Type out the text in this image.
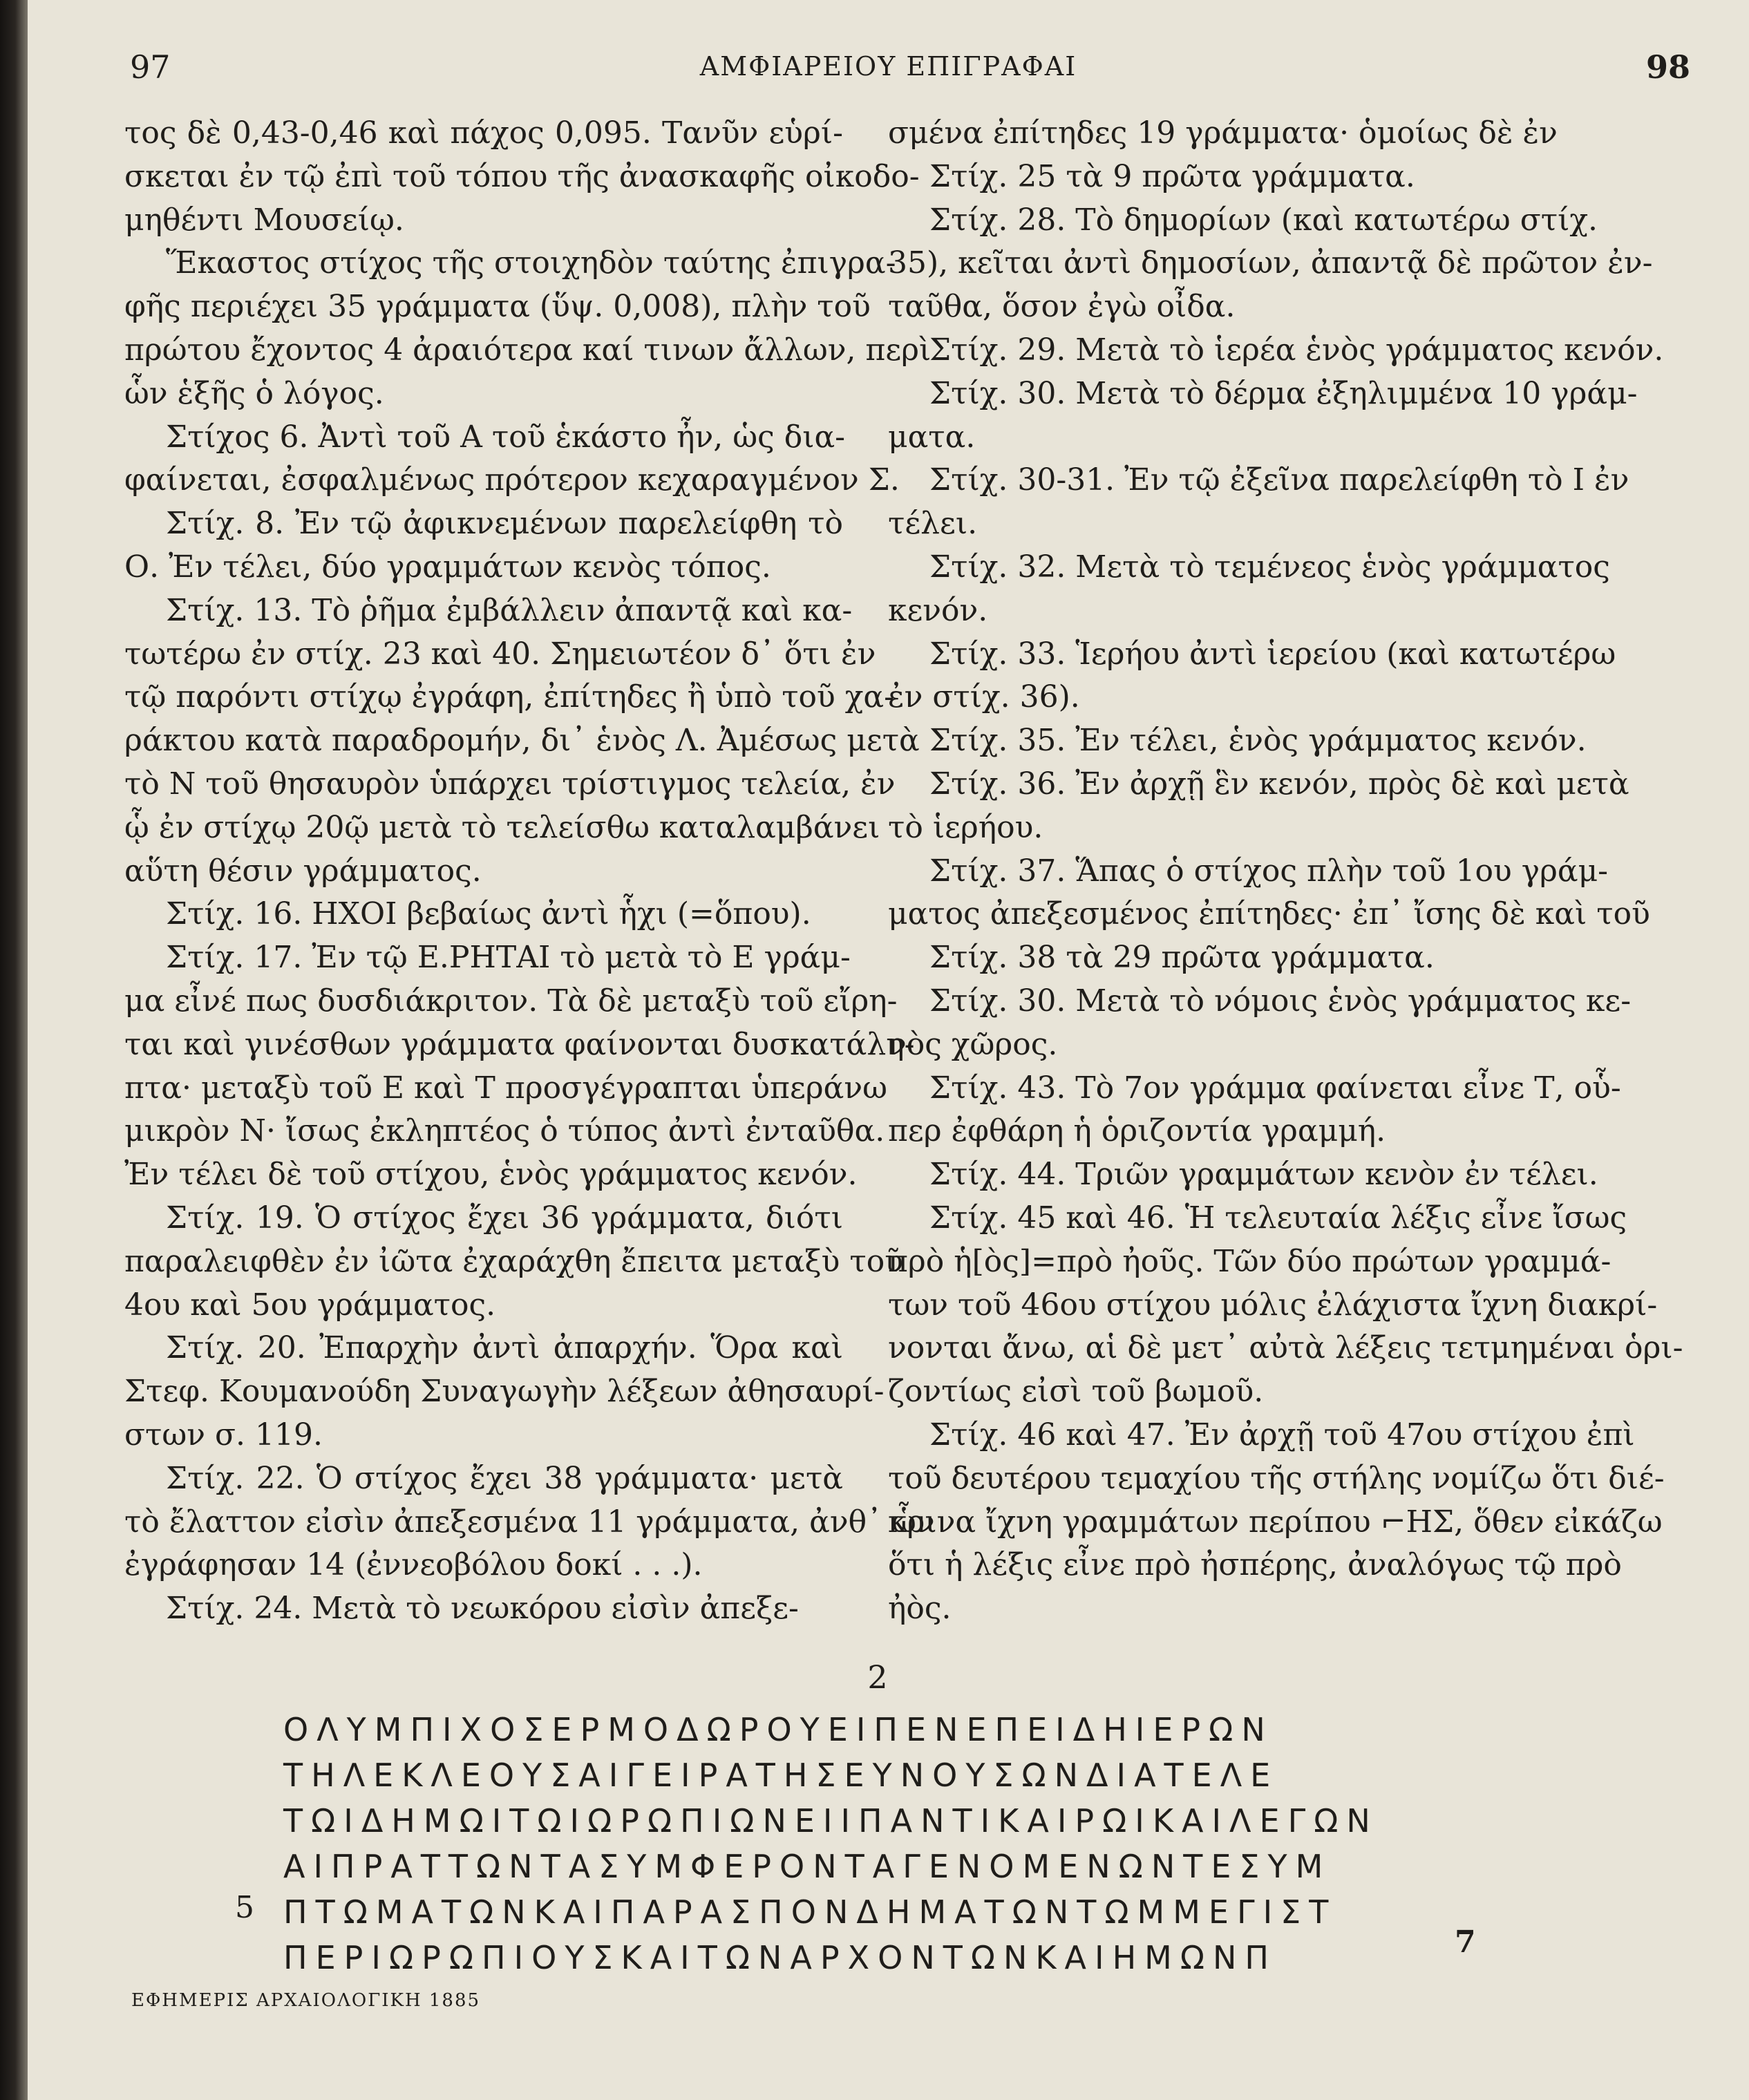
97	ΑΜΦΙΑΡΕΙΟΥ ΕΠΙΓΡΑΦΑΙ	98
τος δὲ 0,43-0,46 καὶ πάχος 0,095. Τανῦν εὑρί-
σκεται ἐν τῷ ἐπὶ τοῦ τόπου τῆς ἀνασκαφῆς οἰκοδο-
μηθέντι Μουσείῳ.
Ἕκαστος στίχος τῆς στοιχηδὸν ταύτης ἐπιγρα-
φῆς περιέχει 35 γράμματα (ὕψ. 0,008), πλὴν τοῦ
πρώτου ἔχοντος 4 ἀραιότερα καί τινων ἄλλων, περὶ
ὧν ἑξῆς ὁ λόγος.
Στίχος 6. Ἀντὶ τοῦ Α τοῦ ἑκάστο ἦν, ὡς δια-
φαίνεται, ἐσφαλμένως πρότερον κεχαραγμένον Σ.
Στίχ. 8. Ἐν τῷ ἀφικνεμένων παρελείφθη τὸ
Ο. Ἐν τέλει, δύο γραμμάτων κενὸς τόπος.
Στίχ. 13. Τὸ ῥῆμα ἐμβάλλειν ἀπαντᾷ καὶ κα-
τωτέρω ἐν στίχ. 23 καὶ 40. Σημειωτέον δ᾽ ὅτι ἐν
τῷ παρόντι στίχῳ ἐγράφη, ἐπίτηδες ἢ ὑπὸ τοῦ χα-
ράκτου κατὰ παραδρομήν, δι᾽ ἑνὸς Λ. Ἀμέσως μετὰ
τὸ Ν τοῦ θησαυρὸν ὑπάρχει τρίστιγμος τελεία, ἐν
ᾧ ἐν στίχῳ 20ῷ μετὰ τὸ τελείσθω καταλαμβάνει
αὕτη θέσιν γράμματος.
Στίχ. 16. ΗΧΟΙ βεβαίως ἀντὶ ἧχι (=ὅπου).
Στίχ. 17. Ἐν τῷ Ε.ΡΗΤΑΙ τὸ μετὰ τὸ Ε γράμ-
μα εἶνέ πως δυσδιάκριτον. Τὰ δὲ μεταξὺ τοῦ εἴρη-
ται καὶ γινέσθων γράμματα φαίνονται δυσκατάλη-
πτα· μεταξὺ τοῦ Ε καὶ Τ προσγέγραπται ὑπεράνω
μικρὸν Ν· ἴσως ἐκληπτέος ὁ τύπος ἀντὶ ἐνταῦθα.
Ἐν τέλει δὲ τοῦ στίχου, ἑνὸς γράμματος κενόν.
Στίχ. 19. Ὁ στίχος ἔχει 36 γράμματα, διότι
παραλειφθὲν ἐν ἰῶτα ἐχαράχθη ἔπειτα μεταξὺ τοῦ
4ου καὶ 5ου γράμματος.
Στίχ. 20. Ἐπαρχὴν ἀντὶ ἀπαρχήν. Ὅρα καὶ
Στεφ. Κουμανούδη Συναγωγὴν λέξεων ἀθησαυρί-
στων σ. 119.
Στίχ. 22. Ὁ στίχος ἔχει 38 γράμματα· μετὰ
τὸ ἔλαττον εἰσὶν ἀπεξεσμένα 11 γράμματα, ἀνθ᾽ ὧν
ἐγράφησαν 14 (ἐννεοβόλου δοκί . . .).
Στίχ. 24. Μετὰ τὸ νεωκόρου εἰσὶν ἀπεξε-
σμένα ἐπίτηδες 19 γράμματα· ὁμοίως δὲ ἐν
Στίχ. 25 τὰ 9 πρῶτα γράμματα.
Στίχ. 28. Τὸ δημορίων (καὶ κατωτέρω στίχ.
35), κεῖται ἀντὶ δημοσίων, ἀπαντᾷ δὲ πρῶτον ἐν-
ταῦθα, ὅσον ἐγὼ οἶδα.
Στίχ. 29. Μετὰ τὸ ἱερέα ἑνὸς γράμματος κενόν.
Στίχ. 30. Μετὰ τὸ δέρμα ἐξηλιμμένα 10 γράμ-
ματα.
Στίχ. 30-31. Ἐν τῷ ἐξεῖνα παρελείφθη τὸ Ι ἐν
τέλει.
Στίχ. 32. Μετὰ τὸ τεμένεος ἑνὸς γράμματος
κενόν.
Στίχ. 33. Ἱερήου ἀντὶ ἱερείου (καὶ κατωτέρω
ἐν στίχ. 36).
Στίχ. 35. Ἐν τέλει, ἑνὸς γράμματος κενόν.
Στίχ. 36. Ἐν ἀρχῇ ἓν κενόν, πρὸς δὲ καὶ μετὰ
τὸ ἱερήου.
Στίχ. 37. Ἅπας ὁ στίχος πλὴν τοῦ 1ου γράμ-
ματος ἀπεξεσμένος ἐπίτηδες· ἐπ᾽ ἴσης δὲ καὶ τοῦ
Στίχ. 38 τὰ 29 πρῶτα γράμματα.
Στίχ. 30. Μετὰ τὸ νόμοις ἑνὸς γράμματος κε-
νὸς χῶρος.
Στίχ. 43. Τὸ 7ον γράμμα φαίνεται εἶνε Τ, οὗ-
περ ἐφθάρη ἡ ὁριζοντία γραμμή.
Στίχ. 44. Τριῶν γραμμάτων κενὸν ἐν τέλει.
Στίχ. 45 καὶ 46. Ἡ τελευταία λέξις εἶνε ἴσως
πρὸ ἡ[ὸς]=πρὸ ἠοῦς. Τῶν δύο πρώτων γραμμά-
των τοῦ 46ου στίχου μόλις ἐλάχιστα ἴχνη διακρί-
νονται ἄνω, αἱ δὲ μετ᾽ αὐτὰ λέξεις τετμημέναι ὁρι-
ζοντίως εἰσὶ τοῦ βωμοῦ.
Στίχ. 46 καὶ 47. Ἐν ἀρχῇ τοῦ 47ου στίχου ἐπὶ
τοῦ δευτέρου τεμαχίου τῆς στήλης νομίζω ὅτι διέ-
κρινα ἴχνη γραμμάτων περίπου ⌐ΗΣ, ὅθεν εἰκάζω
ὅτι ἡ λέξις εἶνε πρὸ ἠσπέρης, ἀναλόγως τῷ πρὸ
ἠὸς.
2
5
ΟΛΥΜΠΙΧΟΣΕΡΜΟΔΩΡΟΥΕΙΠΕΝΕΠΕΙΔΗΙΕΡΩΝ
ΤΗΛΕΚΛΕΟΥΣΑΙΓΕΙΡΑΤΗΣΕΥΝΟΥΣΩΝΔΙΑΤΕΛΕ
ΤΩΙΔΗΜΩΙΤΩΙΩΡΩΠΙΩΝΕΙΙΠΑΝΤΙΚΑΙΡΩΙΚΑΙΛΕΓΩΝ
ΑΙΠΡΑΤΤΩΝΤΑΣΥΜΦΕΡΟΝΤΑΓΕΝΟΜΕΝΩΝΤΕΣΥΜ
ΠΤΩΜΑΤΩΝΚΑΙΠΑΡΑΣΠΟΝΔΗΜΑΤΩΝΤΩΜΜΕΓΙΣΤ
ΠΕΡΙΩΡΩΠΙΟΥΣΚΑΙΤΩΝΑΡΧΟΝΤΩΝΚΑΙΗΜΩΝΠ	7
ΕΦΗΜΕΡΙΣ ΑΡΧΑΙΟΛΟΓΙΚΗ 1885
